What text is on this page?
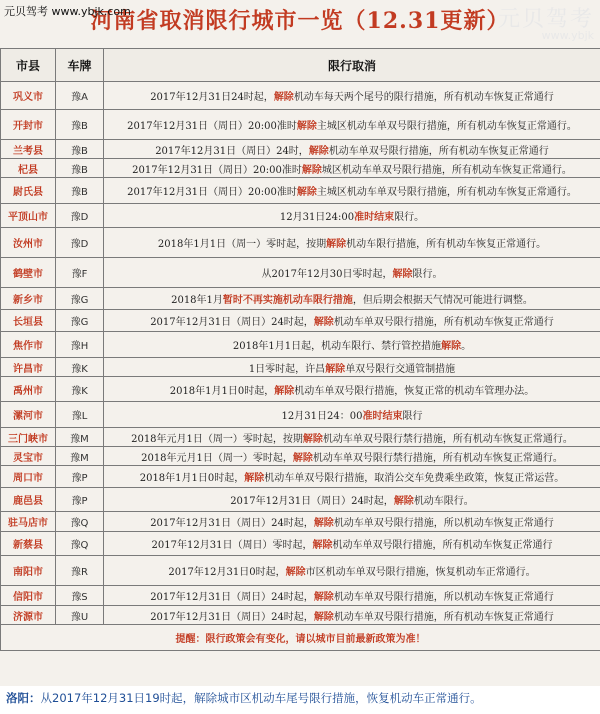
元贝驾考 www.ybjk.com	元贝驾考
www.ybjk
河南省取消限行城市一览（12.31更新）
市县	车牌	限行取消
巩义市	豫A	2017年12月31日24时起，解除机动车每天两个尾号的限行措施，所有机动车恢复正常通行
开封市	豫B	2017年12月31日（周日）20:00准时解除主城区机动车单双号限行措施，所有机动车恢复正常通行。
兰考县	豫B	2017年12月31日（周日）24时，解除机动车单双号限行措施，所有机动车恢复正常通行
杞县	豫B	2017年12月31日（周日）20:00准时解除城区机动车单双号限行措施，所有机动车恢复正常通行。
尉氏县	豫B	2017年12月31日（周日）20:00准时解除主城区机动车单双号限行措施，所有机动车恢复正常通行。
平顶山市	豫D	12月31日24:00准时结束限行。
汝州市	豫D	2018年1月1日（周一）零时起，按期解除机动车限行措施，所有机动车恢复正常通行。
鹤壁市	豫F	从2017年12月30日零时起，解除限行。
新乡市	豫G	2018年1月暂时不再实施机动车限行措施，但后期会根据天气情况可能进行调整。
长垣县	豫G	2017年12月31日（周日）24时起，解除机动车单双号限行措施，所有机动车恢复正常通行
焦作市	豫H	2018年1月1日起，机动车限行、禁行管控措施解除。
许昌市	豫K	1日零时起，许昌解除单双号限行交通管制措施
禹州市	豫K	2018年1月1日0时起，解除机动车单双号限行措施，恢复正常的机动车管理办法。
漯河市	豫L	12月31日24：00准时结束限行
三门峡市	豫M	2018年元月1日（周一）零时起，按期解除机动车单双号限行禁行措施，所有机动车恢复正常通行。
灵宝市	豫M	2018年元月1日（周一）零时起，解除机动车单双号限行禁行措施，所有机动车恢复正常通行。
周口市	豫P	2018年1月1日0时起，解除机动车单双号限行措施，取消公交车免费乘坐政策，恢复正常运营。
鹿邑县	豫P	2017年12月31日（周日）24时起，解除机动车限行。
驻马店市	豫Q	2017年12月31日（周日）24时起，解除机动车单双号限行措施，所以机动车恢复正常通行
新蔡县	豫Q	2017年12月31日（周日）零时起，解除机动车单双号限行措施，所有机动车恢复正常通行
南阳市	豫R	2017年12月31日0时起，解除市区机动车单双号限行措施，恢复机动车正常通行。
信阳市	豫S	2017年12月31日（周日）24时起，解除机动车单双号限行措施，所以机动车恢复正常通行
济源市	豫U	2017年12月31日（周日）24时起，解除机动车单双号限行措施，所有机动车恢复正常通行
提醒：限行政策会有变化，请以城市目前最新政策为准！		
洛阳：从2017年12月31日19时起，解除城市区机动车尾号限行措施，恢复机动车正常通行。
